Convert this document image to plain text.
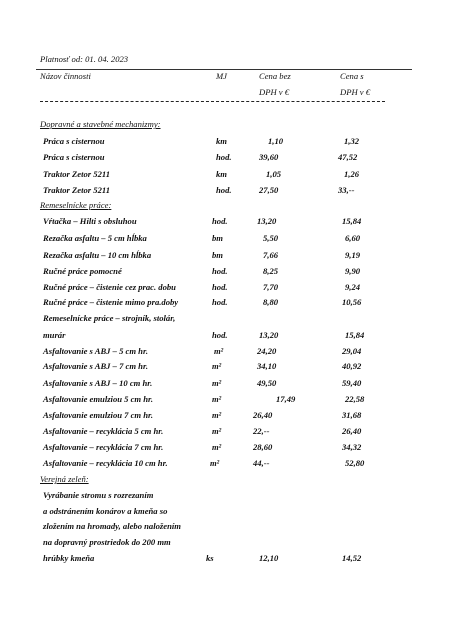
Platnosť od: 01. 04. 2023
Názov činnosti	MJ	Cena bez
DPH v €
Cena s
DPH v €
Dopravné a stavebné mechanizmy:
Práca s cisternou	km	1,10	1,32
Práca s cisternou	hod.	39,60	47,52
Traktor Zetor 5211	km	1,05	1,26
Traktor Zetor 5211	hod.	27,50	33,--
Remeselnícke práce:
Vŕtačka – Hilti s obsluhou	hod.	13,20	15,84
Rezačka asfaltu – 5 cm hĺbka	bm	5,50	6,60
Rezačka asfaltu – 10 cm hĺbka	bm	7,66	9,19
Ručné práce pomocné	hod.	8,25	9,90
Ručné práce – čistenie cez prac. dobu	hod.	7,70	9,24
Ručné práce – čistenie mimo pra.doby	hod.	8,80	10,56
Remeselnícke práce – strojník, stolár,
murár	hod.	13,20	15,84
Asfaltovanie s ABJ – 5 cm hr.	m²	24,20	29,04
Asfaltovanie s ABJ – 7 cm hr.	m²	34,10	40,92
Asfaltovanie s ABJ – 10 cm hr.	m²	49,50	59,40
Asfaltovanie emulziou 5 cm hr.	m²	17,49	22,58
Asfaltovanie emulziou 7 cm hr.	m²	26,40	31,68
Asfaltovanie – recyklácia 5 cm hr.	m²	22,--	26,40
Asfaltovanie – recyklácia 7 cm hr.	m²	28,60	34,32
Asfaltovanie – recyklácia 10 cm hr.	m²	44,--	52,80
Verejná zeleň:
Vyrábanie stromu s rozrezaním
a odstránením konárov a kmeňa so
zložením na hromady, alebo naložením
na dopravný prostriedok do 200 mm
hrúbky kmeňa	ks	12,10	14,52
